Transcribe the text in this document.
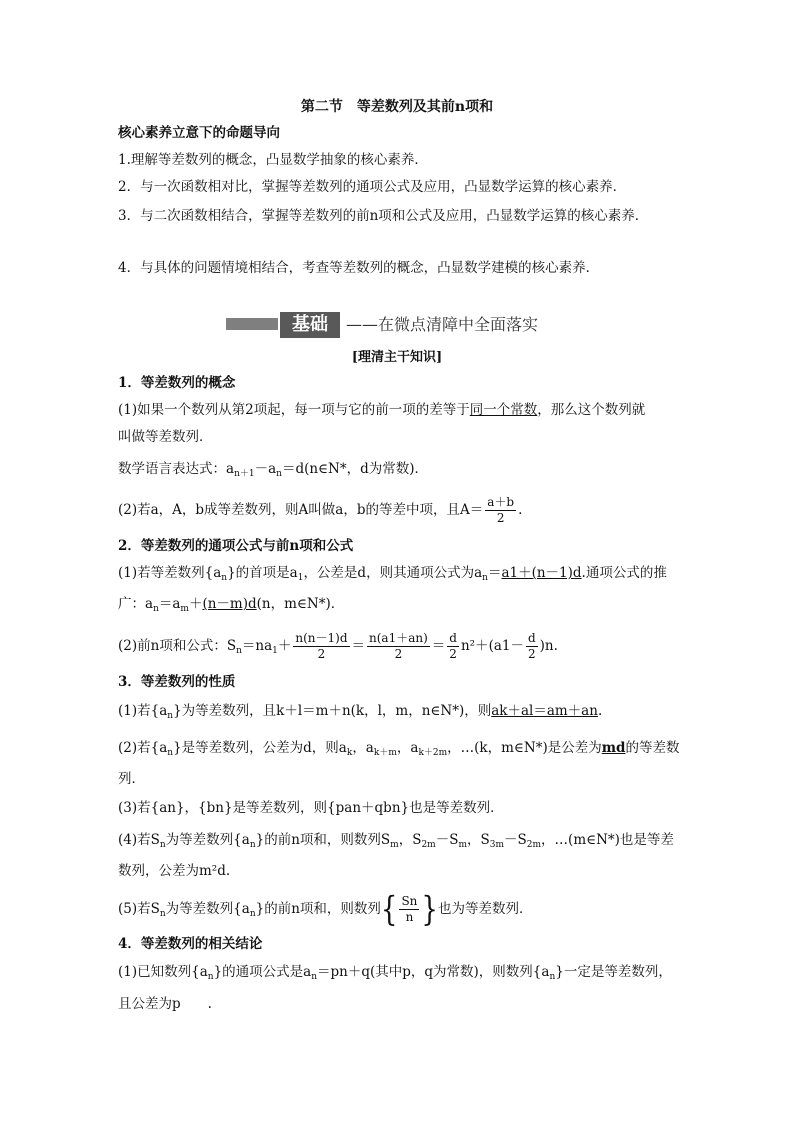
第二节　等差数列及其前n项和
核心素养立意下的命题导向
1.理解等差数列的概念，凸显数学抽象的核心素养．
2．与一次函数相对比，掌握等差数列的通项公式及应用，凸显数学运算的核心素养．
3．与二次函数相结合，掌握等差数列的前n项和公式及应用，凸显数学运算的核心素养．
4．与具体的问题情境相结合，考查等差数列的概念，凸显数学建模的核心素养．
基础	——在微点清障中全面落实
[理清主干知识]
1．等差数列的概念
(1)如果一个数列从第2项起，每一项与它的前一项的差等于同一个常数，那么这个数列就
叫做等差数列．
数学语言表达式：$a_{n+1}-a_n=d(n\in N*$，d为常数)．
(2)若a，A，b成等差数列，则A叫做a，b的等差中项，且$A= \frac{a+b}{2}$ .
2．等差数列的通项公式与前n项和公式
(1)若等差数列$\{a_n\}$的首项是$a_1$，公差是d，则其通项公式为$a_n=a1+(n-1)d$.通项公式的推
广：$a_n=a_m+(n-m)d(n$，m∈N*)．
(2)前n项和公式：$S_n=na_1+ \frac{n(n-1)d}{2} = \frac{n(a1+an)}{2} = \frac{d}{2} n^2+(a1- \frac{d}{2} )n$.
3．等差数列的性质
(1)若$\{a_n\}$为等差数列，且k＋l＝m＋n(k，l，m，n∈N*)，则ak＋al＝am＋an.
(2)若$\{a_n\}$是等差数列，公差为d，则$a_k$，$a_{k+m}$，$a_{k+2m}$，…(k，m∈N*)是公差为md的等差数
列．
(3)若{an}，{bn}是等差数列，则{pan＋qbn}也是等差数列．
(4)若$S_n$为等差数列$\{a_n\}$的前n项和，则数列$S_m$，$S_{2m}-S_m$，$S_{3m}-S_{2m}$，…(m∈N*)也是等差
数列，公差为m²d.
(5)若$S_n$为等差数列$\{a_n\}$的前n项和，则数列{ $\frac{Sn}{n}$ }也为等差数列．
4．等差数列的相关结论
(1)已知数列$\{a_n\}$的通项公式是$a_n=pn+q$(其中p，q为常数)，则数列$\{a_n\}$一定是等差数列，
且公差为p　　.
